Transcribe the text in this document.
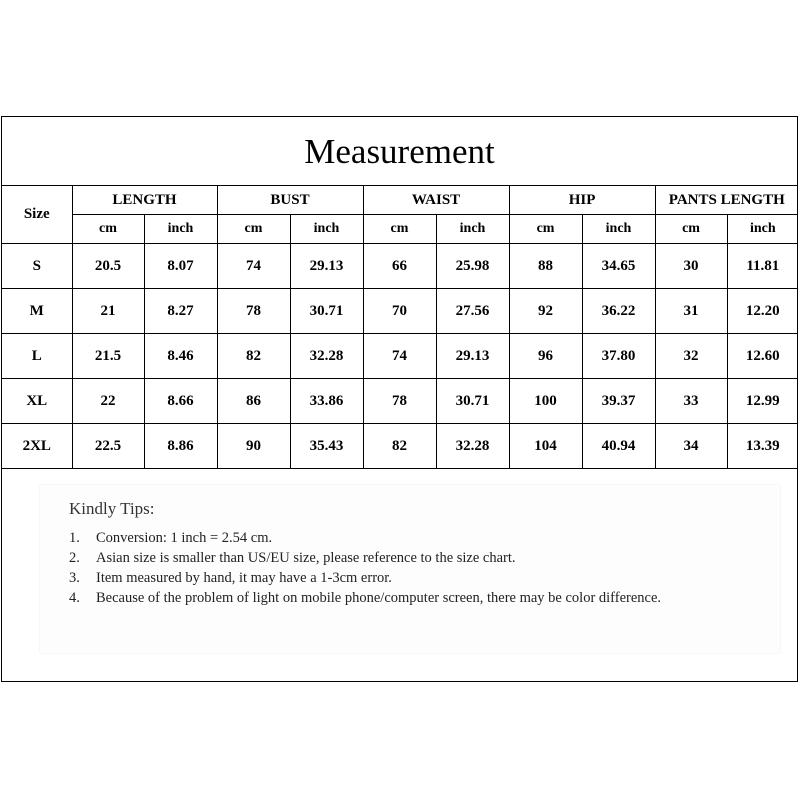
Measurement
Size	LENGTH		BUST		WAIST		HIP		PANTS LENGTH	
	cm	inch	cm	inch	cm	inch	cm	inch	cm	inch
S	20.5	8.07	74	29.13	66	25.98	88	34.65	30	11.81
M	21	8.27	78	30.71	70	27.56	92	36.22	31	12.20
L	21.5	8.46	82	32.28	74	29.13	96	37.80	32	12.60
XL	22	8.66	86	33.86	78	30.71	100	39.37	33	12.99
2XL	22.5	8.86	90	35.43	82	32.28	104	40.94	34	13.39
Kindly Tips:
1.	Conversion: 1 inch = 2.54 cm.
2.	Asian size is smaller than US/EU size, please reference to the size chart.
3.	Item measured by hand, it may have a 1-3cm error.
4.	Because of the problem of light on mobile phone/computer screen, there may be color difference.
